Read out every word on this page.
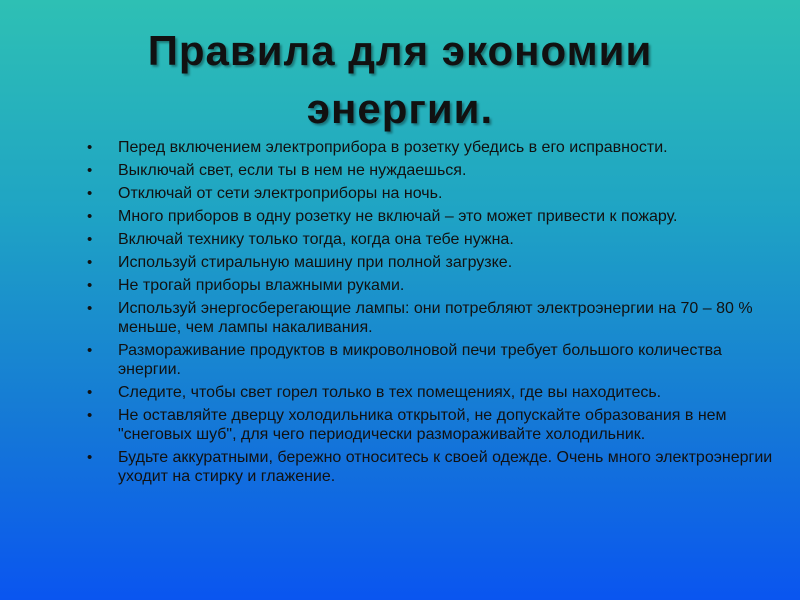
Правила для экономии
энергии.
• Перед включением электроприбора в розетку убедись в его исправности.
• Выключай свет, если ты в нем не нуждаешься.
• Отключай от сети электроприборы на ночь.
• Много приборов в одну розетку не включай – это может привести к пожару.
• Включай технику только тогда, когда она тебе нужна.
• Используй стиральную машину при полной загрузке.
• Не трогай приборы влажными руками.
• Используй энергосберегающие лампы: они потребляют электроэнергии на 70 – 80 % меньше, чем лампы накаливания.
• Размораживание продуктов в микроволновой печи требует большого количества энергии.
• Следите, чтобы свет горел только в тех помещениях, где вы находитесь.
• Не оставляйте дверцу холодильника открытой, не допускайте образования в нем "снеговых шуб", для чего периодически размораживайте холодильник.
• Будьте аккуратными, бережно относитесь к своей одежде. Очень много электроэнергии уходит на стирку и глажение.
